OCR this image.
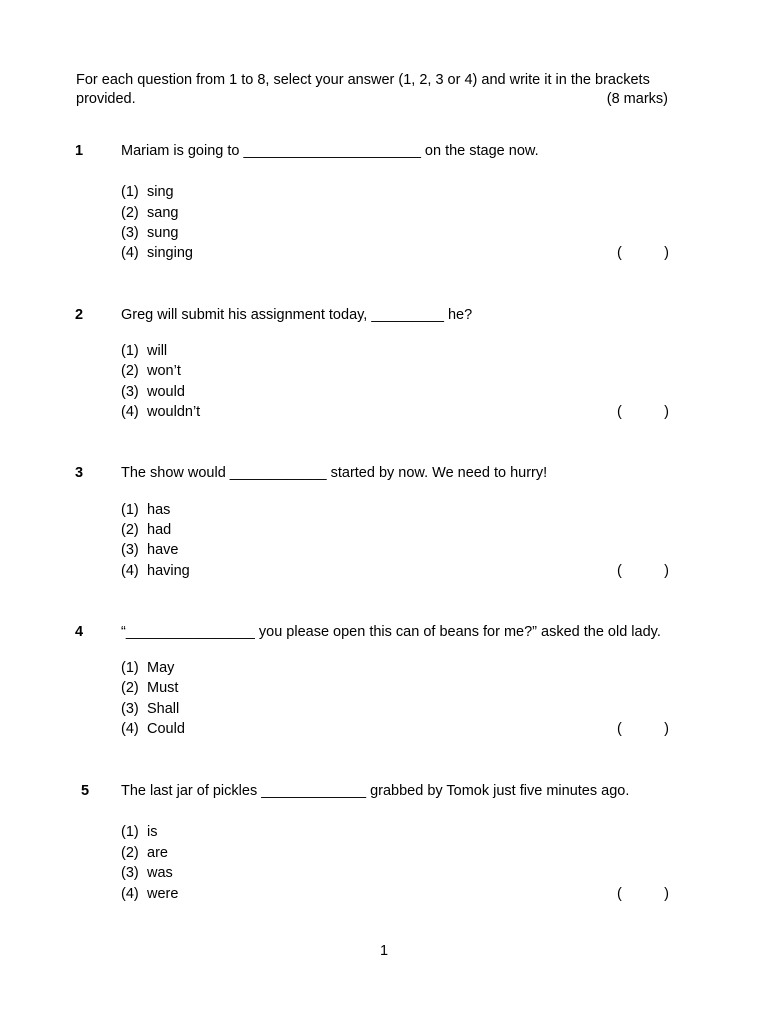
For each question from 1 to 8, select your answer (1, 2, 3 or 4) and write it in the brackets
provided.	(8 marks)
1	Mariam is going to ______________________ on the stage now.
(1) sing
(2) sang
(3) sung
(4) singing	(	)
2	Greg will submit his assignment today, _________ he?
(1) will
(2) won’t
(3) would
(4) wouldn’t	(	)
3	The show would ____________ started by now. We need to hurry!
(1) has
(2) had
(3) have
(4) having	(	)
4	“________________ you please open this can of beans for me?” asked the old lady.
(1) May
(2) Must
(3) Shall
(4) Could	(	)
5 The last jar of pickles _____________ grabbed by Tomok just five minutes ago.
(1) is
(2) are
(3) was
(4) were	(	)
1
